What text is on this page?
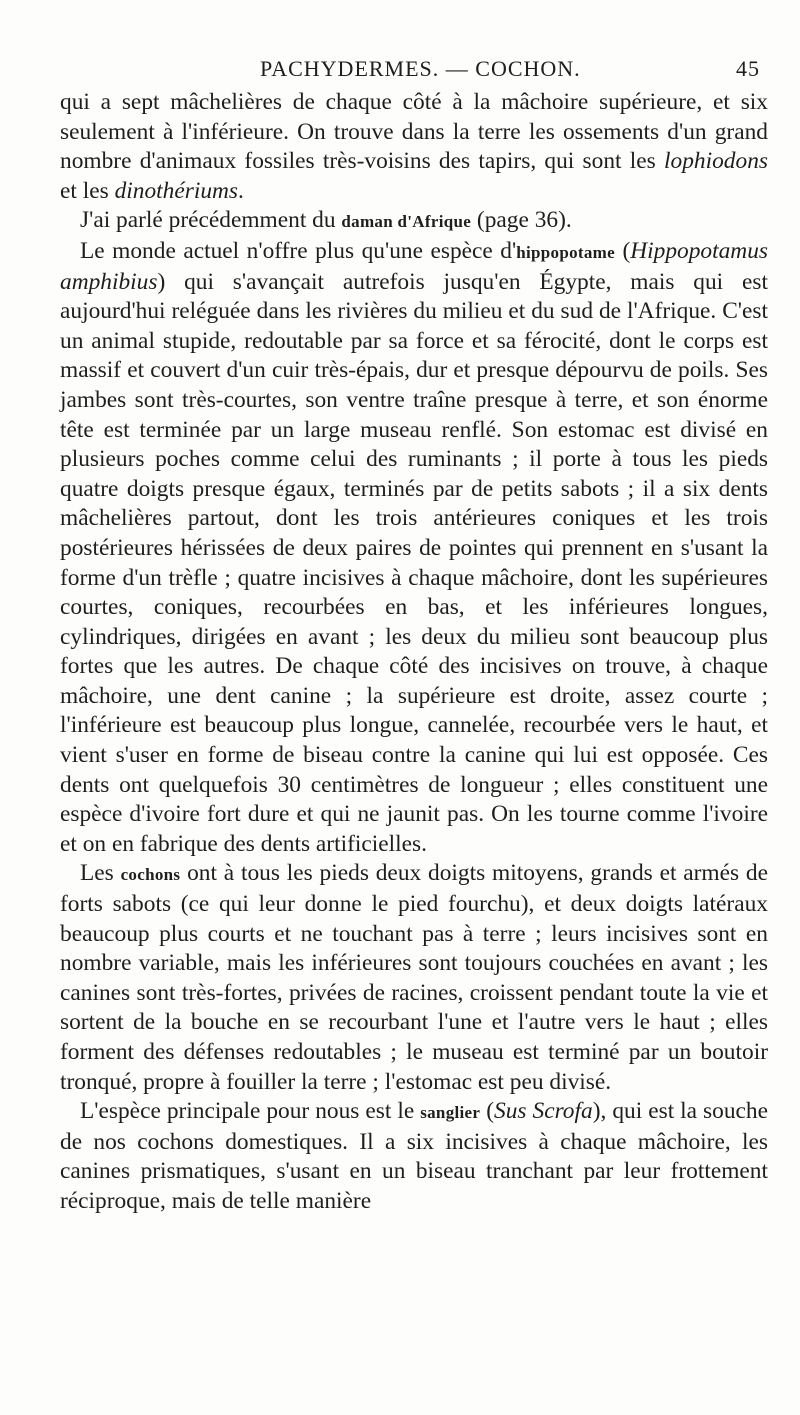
PACHYDERMES. — COCHON.	45

qui a sept mâchelières de chaque côté à la mâchoire supérieure, et six seulement à l'inférieure. On trouve dans la terre les ossements d'un grand nombre d'animaux fossiles très-voisins des tapirs, qui sont les lophiodons et les dinothériums.

J'ai parlé précédemment du daman d'Afrique (page 36).

Le monde actuel n'offre plus qu'une espèce d'hippopotame (Hippopotamus amphibius) qui s'avançait autrefois jusqu'en Égypte, mais qui est aujourd'hui reléguée dans les rivières du milieu et du sud de l'Afrique. C'est un animal stupide, redoutable par sa force et sa férocité, dont le corps est massif et couvert d'un cuir très-épais, dur et presque dépourvu de poils. Ses jambes sont très-courtes, son ventre traîne presque à terre, et son énorme tête est terminée par un large museau renflé. Son estomac est divisé en plusieurs poches comme celui des ruminants ; il porte à tous les pieds quatre doigts presque égaux, terminés par de petits sabots ; il a six dents mâchelières partout, dont les trois antérieures coniques et les trois postérieures hérissées de deux paires de pointes qui prennent en s'usant la forme d'un trèfle ; quatre incisives à chaque mâchoire, dont les supérieures courtes, coniques, recourbées en bas, et les inférieures longues, cylindriques, dirigées en avant ; les deux du milieu sont beaucoup plus fortes que les autres. De chaque côté des incisives on trouve, à chaque mâchoire, une dent canine ; la supérieure est droite, assez courte ; l'inférieure est beaucoup plus longue, cannelée, recourbée vers le haut, et vient s'user en forme de biseau contre la canine qui lui est opposée. Ces dents ont quelquefois 30 centimètres de longueur ; elles constituent une espèce d'ivoire fort dure et qui ne jaunit pas. On les tourne comme l'ivoire et on en fabrique des dents artificielles.

Les cochons ont à tous les pieds deux doigts mitoyens, grands et armés de forts sabots (ce qui leur donne le pied fourchu), et deux doigts latéraux beaucoup plus courts et ne touchant pas à terre ; leurs incisives sont en nombre variable, mais les inférieures sont toujours couchées en avant ; les canines sont très-fortes, privées de racines, croissent pendant toute la vie et sortent de la bouche en se recourbant l'une et l'autre vers le haut ; elles forment des défenses redoutables ; le museau est terminé par un boutoir tronqué, propre à fouiller la terre ; l'estomac est peu divisé.

L'espèce principale pour nous est le sanglier (Sus Scrofa), qui est la souche de nos cochons domestiques. Il a six incisives à chaque mâchoire, les canines prismatiques, s'usant en un biseau tranchant par leur frottement réciproque, mais de telle manière
